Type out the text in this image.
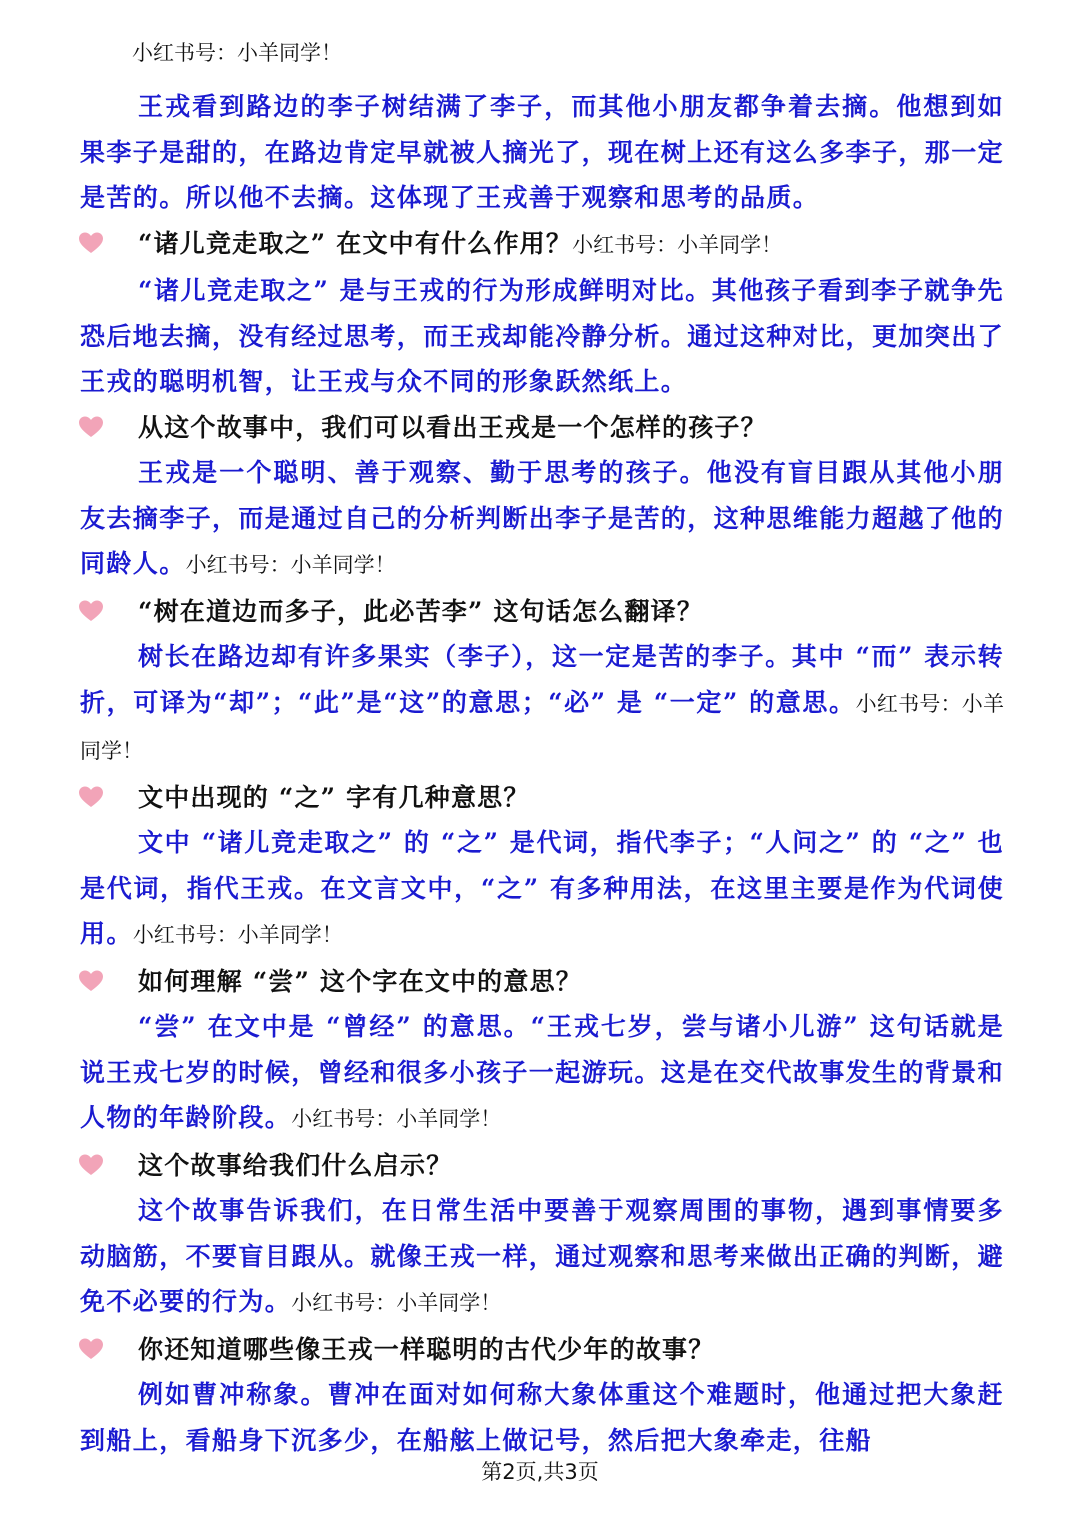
小红书号：小羊同学！

王戎看到路边的李子树结满了李子，而其他小朋友都争着去摘。他想到如果李子是甜的，在路边肯定早就被人摘光了，现在树上还有这么多李子，那一定是苦的。所以他不去摘。这体现了王戎善于观察和思考的品质。

“诸儿竞走取之” 在文中有什么作用？小红书号：小羊同学！

“诸儿竞走取之” 是与王戎的行为形成鲜明对比。其他孩子看到李子就争先恐后地去摘，没有经过思考，而王戎却能冷静分析。通过这种对比，更加突出了王戎的聪明机智，让王戎与众不同的形象跃然纸上。

从这个故事中，我们可以看出王戎是一个怎样的孩子？

王戎是一个聪明、善于观察、勤于思考的孩子。他没有盲目跟从其他小朋友去摘李子，而是通过自己的分析判断出李子是苦的，这种思维能力超越了他的同龄人。小红书号：小羊同学！

“树在道边而多子，此必苦李” 这句话怎么翻译？

树长在路边却有许多果实（李子），这一定是苦的李子。其中 “而” 表示转折，可译为“却”；“此”是“这”的意思；“必” 是 “一定” 的意思。小红书号：小羊同学！

文中出现的 “之” 字有几种意思？

文中 “诸儿竞走取之” 的 “之” 是代词，指代李子；“人问之” 的 “之” 也是代词，指代王戎。在文言文中，“之” 有多种用法，在这里主要是作为代词使用。小红书号：小羊同学！

如何理解 “尝” 这个字在文中的意思？

“尝” 在文中是 “曾经” 的意思。“王戎七岁，尝与诸小儿游” 这句话就是说王戎七岁的时候，曾经和很多小孩子一起游玩。这是在交代故事发生的背景和人物的年龄阶段。小红书号：小羊同学！

这个故事给我们什么启示？

这个故事告诉我们，在日常生活中要善于观察周围的事物，遇到事情要多动脑筋，不要盲目跟从。就像王戎一样，通过观察和思考来做出正确的判断，避免不必要的行为。小红书号：小羊同学！

你还知道哪些像王戎一样聪明的古代少年的故事？

例如曹冲称象。曹冲在面对如何称大象体重这个难题时，他通过把大象赶到船上，看船身下沉多少，在船舷上做记号，然后把大象牵走，往船

第2页,共3页
